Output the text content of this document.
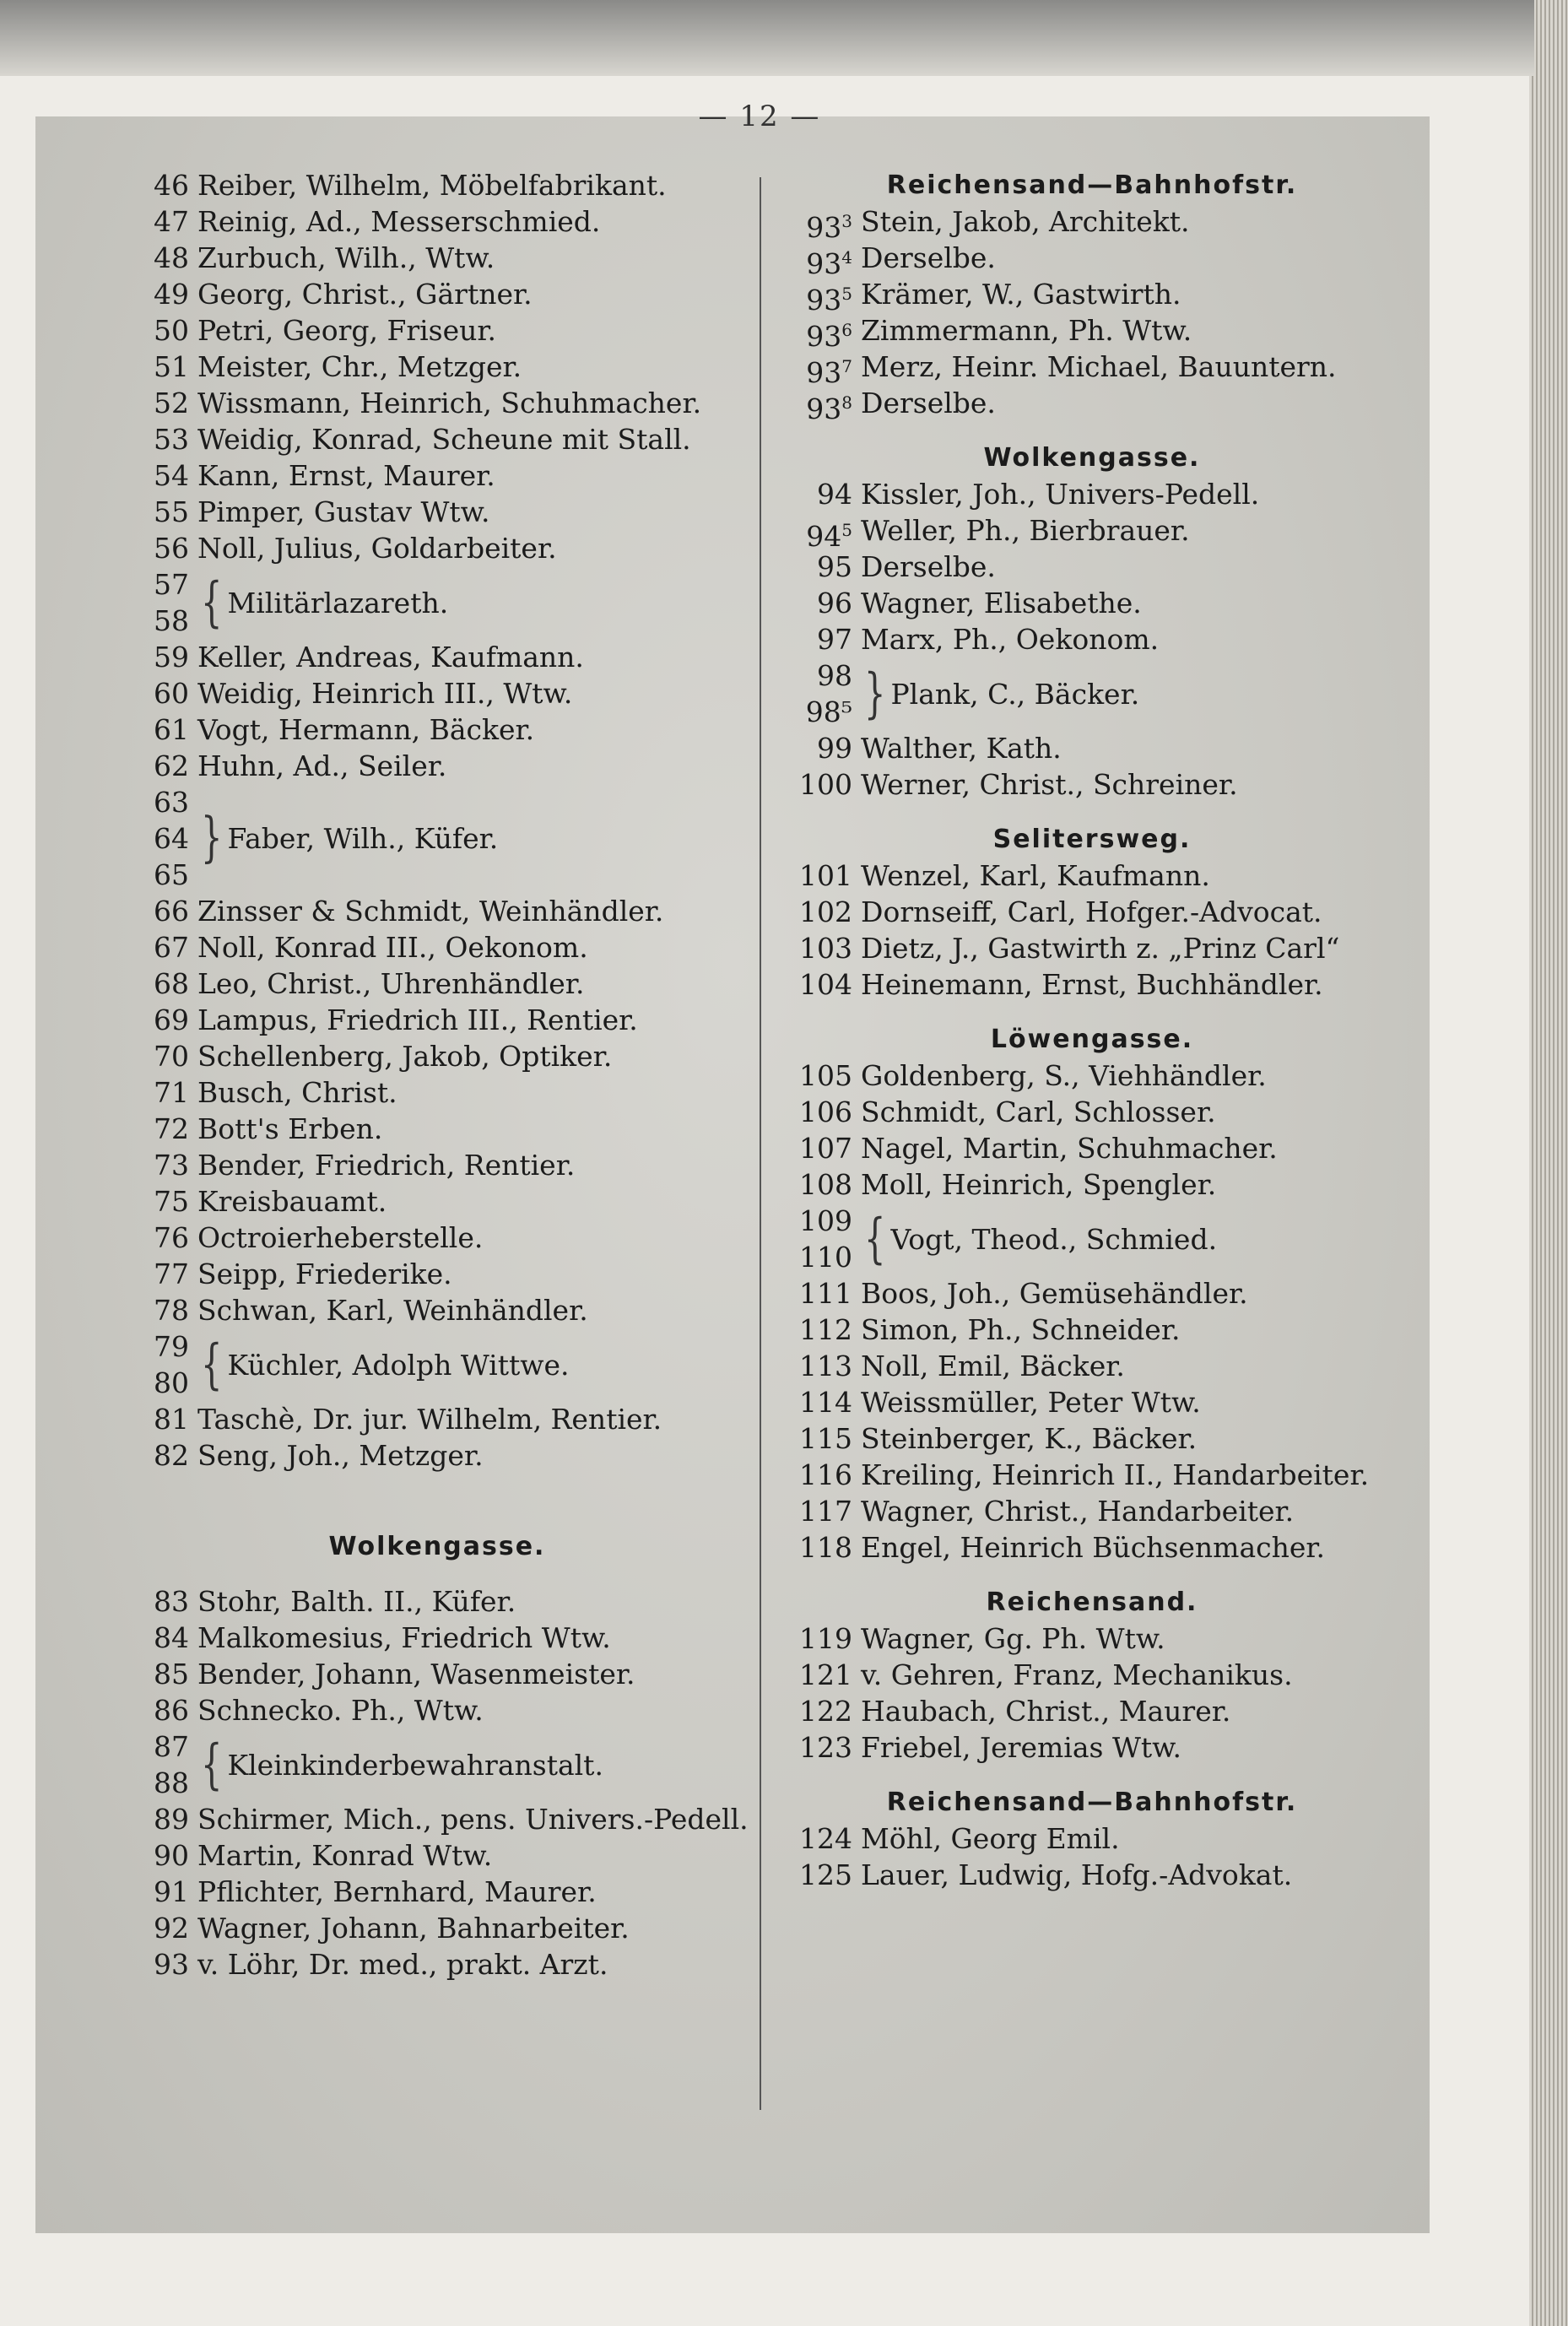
— 12 —
46 Reiber, Wilhelm, Möbelfabrikant.
47 Reinig, Ad., Messerschmied.
48 Zurbuch, Wilh., Wtw.
49 Georg, Christ., Gärtner.
50 Petri, Georg, Friseur.
51 Meister, Chr., Metzger.
52 Wissmann, Heinrich, Schuhmacher.
53 Weidig, Konrad, Scheune mit Stall.
54 Kann, Ernst, Maurer.
55 Pimper, Gustav Wtw.
56 Noll, Julius, Goldarbeiter.
57
58 { Militärlazareth.
59 Keller, Andreas, Kaufmann.
60 Weidig, Heinrich III., Wtw.
61 Vogt, Hermann, Bäcker.
62 Huhn, Ad., Seiler.
63
64
65
} Faber, Wilh., Küfer.
66 Zinsser & Schmidt, Weinhändler.
67 Noll, Konrad III., Oekonom.
68 Leo, Christ., Uhrenhändler.
69 Lampus, Friedrich III., Rentier.
70 Schellenberg, Jakob, Optiker.
71 Busch, Christ.
72 Bott's Erben.
73 Bender, Friedrich, Rentier.
75 Kreisbauamt.
76 Octroierheberstelle.
77 Seipp, Friederike.
78 Schwan, Karl, Weinhändler.
79
80 { Küchler, Adolph Wittwe.
81 Taschè, Dr. jur. Wilhelm, Rentier.
82 Seng, Joh., Metzger.
Wolkengasse.
83 Stohr, Balth. II., Küfer.
84 Malkomesius, Friedrich Wtw.
85 Bender, Johann, Wasenmeister.
86 Schnecko. Ph., Wtw.
87
88 { Kleinkinderbewahranstalt.
89 Schirmer, Mich., pens. Univers.-Pedell.
90 Martin, Konrad Wtw.
91 Pflichter, Bernhard, Maurer.
92 Wagner, Johann, Bahnarbeiter.
93 v. Löhr, Dr. med., prakt. Arzt.
Reichensand—Bahnhofstr.
$93^3$ Stein, Jakob, Architekt.
$93^4$ Derselbe.
$93^5$ Krämer, W., Gastwirth.
$93^6$ Zimmermann, Ph. Wtw.
$93^7$ Merz, Heinr. Michael, Bauuntern.
$93^8$ Derselbe.
Wolkengasse.
94 Kissler, Joh., Univers-Pedell.
$94^5$ Weller, Ph., Bierbrauer.
95 Derselbe.
96 Wagner, Elisabethe.
97 Marx, Ph., Oekonom.
98
98⁵ } Plank, C., Bäcker.
99 Walther, Kath.
100 Werner, Christ., Schreiner.
Selitersweg.
101 Wenzel, Karl, Kaufmann.
102 Dornseiff, Carl, Hofger.-Advocat.
103 Dietz, J., Gastwirth z. „Prinz Carl“
104 Heinemann, Ernst, Buchhändler.
Löwengasse.
105 Goldenberg, S., Viehhändler.
106 Schmidt, Carl, Schlosser.
107 Nagel, Martin, Schuhmacher.
108 Moll, Heinrich, Spengler.
109
110 { Vogt, Theod., Schmied.
111 Boos, Joh., Gemüsehändler.
112 Simon, Ph., Schneider.
113 Noll, Emil, Bäcker.
114 Weissmüller, Peter Wtw.
115 Steinberger, K., Bäcker.
116 Kreiling, Heinrich II., Handarbeiter.
117 Wagner, Christ., Handarbeiter.
118 Engel, Heinrich Büchsenmacher.
Reichensand.
119 Wagner, Gg. Ph. Wtw.
121 v. Gehren, Franz, Mechanikus.
122 Haubach, Christ., Maurer.
123 Friebel, Jeremias Wtw.
Reichensand—Bahnhofstr.
124 Möhl, Georg Emil.
125 Lauer, Ludwig, Hofg.-Advokat.
